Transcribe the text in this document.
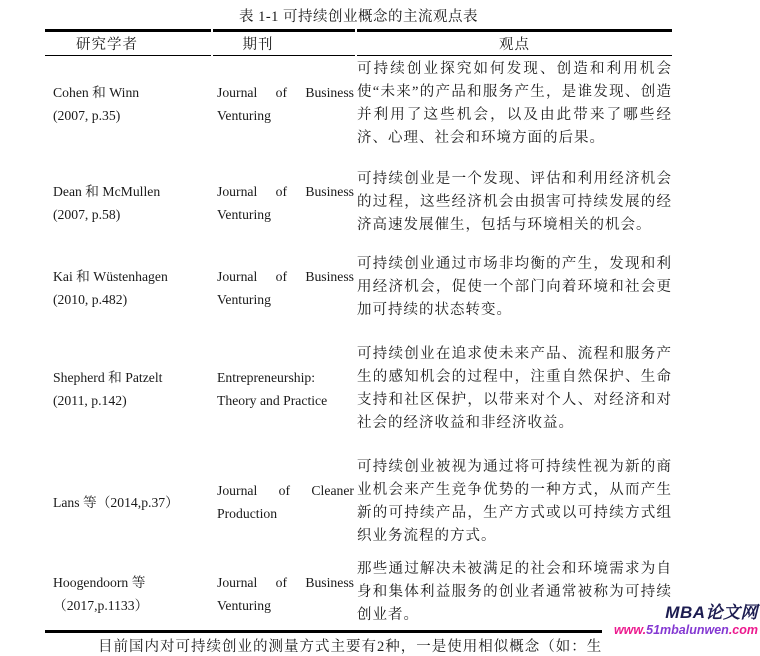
表 1-1 可持续创业概念的主流观点表
研究学者	期刊	观点
Cohen 和 Winn
(2007, p.35)
Journal of Business Venturing
可持续创业探究如何发现、创造和利用机会使“未来”的产品和服务产生，是谁发现、创造并利用了这些机会，以及由此带来了哪些经济、心理、社会和环境方面的后果。
Dean 和 McMullen
(2007, p.58)
Journal of Business Venturing
可持续创业是一个发现、评估和利用经济机会的过程，这些经济机会由损害可持续发展的经济高速发展催生，包括与环境相关的机会。
Kai 和 Wüstenhagen
(2010, p.482)
Journal of Business Venturing
可持续创业通过市场非均衡的产生，发现和利用经济机会，促使一个部门向着环境和社会更加可持续的状态转变。
Shepherd 和 Patzelt
(2011, p.142)
Entrepreneurship: Theory and Practice
可持续创业在追求使未来产品、流程和服务产生的感知机会的过程中，注重自然保护、生命支持和社区保护，以带来对个人、对经济和对社会的经济收益和非经济收益。
Lans 等（2014,p.37）
Journal of Cleaner Production
可持续创业被视为通过将可持续性视为新的商业机会来产生竞争优势的一种方式，从而产生新的可持续产品，生产方式或以可持续方式组织业务流程的方式。
Hoogendoorn 等
（2017,p.1133）
Journal of Business Venturing
那些通过解决未被满足的社会和环境需求为自身和集体利益服务的创业者通常被称为可持续创业者。
目前国内对可持续创业的测量方式主要有2种，一是使用相似概念（如：生
MBA论文网
www.51mbalunwen.com
